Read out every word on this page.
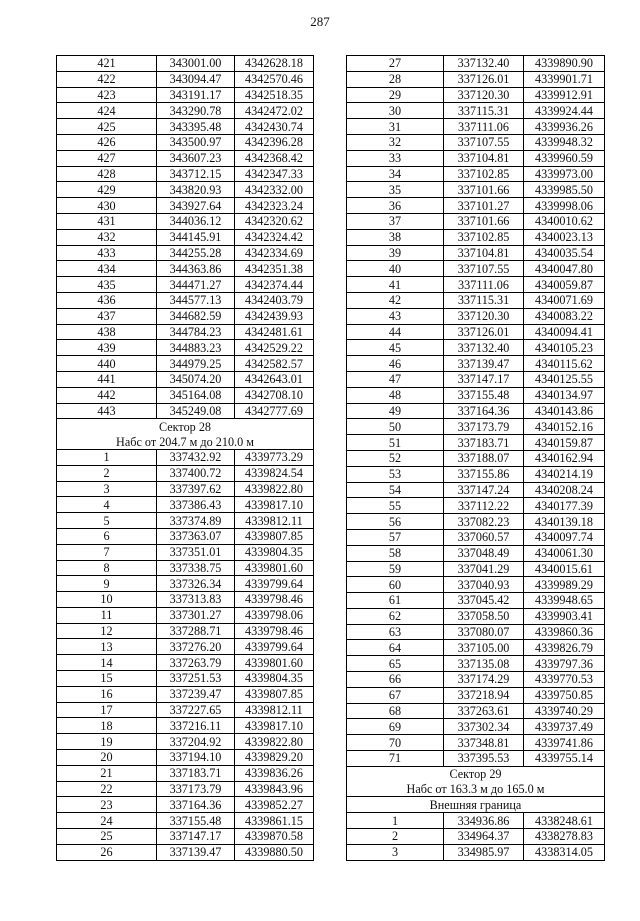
287
421	343001.00	4342628.18
422	343094.47	4342570.46
423	343191.17	4342518.35
424	343290.78	4342472.02
425	343395.48	4342430.74
426	343500.97	4342396.28
427	343607.23	4342368.42
428	343712.15	4342347.33
429	343820.93	4342332.00
430	343927.64	4342323.24
431	344036.12	4342320.62
432	344145.91	4342324.42
433	344255.28	4342334.69
434	344363.86	4342351.38
435	344471.27	4342374.44
436	344577.13	4342403.79
437	344682.59	4342439.93
438	344784.23	4342481.61
439	344883.23	4342529.22
440	344979.25	4342582.57
441	345074.20	4342643.01
442	345164.08	4342708.10
443	345249.08	4342777.69
Сектор 28		
Набс от 204.7 м до 210.0 м		
1	337432.92	4339773.29
2	337400.72	4339824.54
3	337397.62	4339822.80
4	337386.43	4339817.10
5	337374.89	4339812.11
6	337363.07	4339807.85
7	337351.01	4339804.35
8	337338.75	4339801.60
9	337326.34	4339799.64
10	337313.83	4339798.46
11	337301.27	4339798.06
12	337288.71	4339798.46
13	337276.20	4339799.64
14	337263.79	4339801.60
15	337251.53	4339804.35
16	337239.47	4339807.85
17	337227.65	4339812.11
18	337216.11	4339817.10
19	337204.92	4339822.80
20	337194.10	4339829.20
21	337183.71	4339836.26
22	337173.79	4339843.96
23	337164.36	4339852.27
24	337155.48	4339861.15
25	337147.17	4339870.58
26	337139.47	4339880.50
27	337132.40	4339890.90
28	337126.01	4339901.71
29	337120.30	4339912.91
30	337115.31	4339924.44
31	337111.06	4339936.26
32	337107.55	4339948.32
33	337104.81	4339960.59
34	337102.85	4339973.00
35	337101.66	4339985.50
36	337101.27	4339998.06
37	337101.66	4340010.62
38	337102.85	4340023.13
39	337104.81	4340035.54
40	337107.55	4340047.80
41	337111.06	4340059.87
42	337115.31	4340071.69
43	337120.30	4340083.22
44	337126.01	4340094.41
45	337132.40	4340105.23
46	337139.47	4340115.62
47	337147.17	4340125.55
48	337155.48	4340134.97
49	337164.36	4340143.86
50	337173.79	4340152.16
51	337183.71	4340159.87
52	337188.07	4340162.94
53	337155.86	4340214.19
54	337147.24	4340208.24
55	337112.22	4340177.39
56	337082.23	4340139.18
57	337060.57	4340097.74
58	337048.49	4340061.30
59	337041.29	4340015.61
60	337040.93	4339989.29
61	337045.42	4339948.65
62	337058.50	4339903.41
63	337080.07	4339860.36
64	337105.00	4339826.79
65	337135.08	4339797.36
66	337174.29	4339770.53
67	337218.94	4339750.85
68	337263.61	4339740.29
69	337302.34	4339737.49
70	337348.81	4339741.86
71	337395.53	4339755.14
Сектор 29		
Набс от 163.3 м до 165.0 м		
Внешняя граница		
1	334936.86	4338248.61
2	334964.37	4338278.83
3	334985.97	4338314.05
